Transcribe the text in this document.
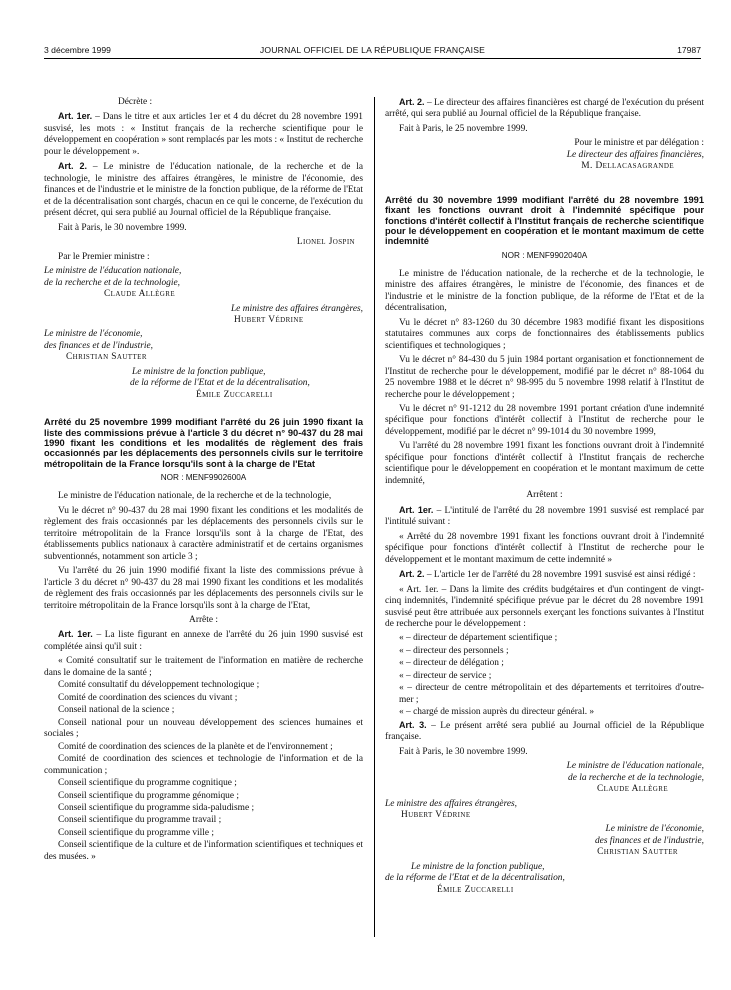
3 décembre 1999	JOURNAL OFFICIEL DE LA RÉPUBLIQUE FRANÇAISE	17987

Décrète :

Art. 1er. – Dans le titre et aux articles 1er et 4 du décret du 28 novembre 1991 susvisé, les mots : « Institut français de la recherche scientifique pour le développement en coopération » sont remplacés par les mots : « Institut de recherche pour le développement ».

Art. 2. – Le ministre de l'éducation nationale, de la recherche et de la technologie, le ministre des affaires étrangères, le ministre de l'économie, des finances et de l'industrie et le ministre de la fonction publique, de la réforme de l'Etat et de la décentralisation sont chargés, chacun en ce qui le concerne, de l'exécution du présent décret, qui sera publié au Journal officiel de la République française.

Fait à Paris, le 30 novembre 1999.

Lionel Jospin

Par le Premier ministre :

Le ministre de l'éducation nationale,

de la recherche et de la technologie,

Claude Allègre

Le ministre des affaires étrangères,

Hubert Védrine

Le ministre de l'économie,

des finances et de l'industrie,

Christian Sautter

Le ministre de la fonction publique,

de la réforme de l'Etat et de la décentralisation,

Émile Zuccarelli

Arrêté du 25 novembre 1999 modifiant l'arrêté du 26 juin 1990 fixant la liste des commissions prévue à l'article 3 du décret n° 90-437 du 28 mai 1990 fixant les conditions et les modalités de règlement des frais occasionnés par les déplacements des personnels civils sur le territoire métropolitain de la France lorsqu'ils sont à la charge de l'Etat

NOR : MENF9902600A

Le ministre de l'éducation nationale, de la recherche et de la technologie,

Vu le décret n° 90-437 du 28 mai 1990 fixant les conditions et les modalités de règlement des frais occasionnés par les déplacements des personnels civils sur le territoire métropolitain de la France lorsqu'ils sont à la charge de l'Etat, des établissements publics nationaux à caractère administratif et de certains organismes subventionnés, notamment son article 3 ;

Vu l'arrêté du 26 juin 1990 modifié fixant la liste des commissions prévue à l'article 3 du décret n° 90-437 du 28 mai 1990 fixant les conditions et les modalités de règlement des frais occasionnés par les déplacements des personnels civils sur le territoire métropolitain de la France lorsqu'ils sont à la charge de l'Etat,

Arrête :

Art. 1er. – La liste figurant en annexe de l'arrêté du 26 juin 1990 susvisé est complétée ainsi qu'il suit :

« Comité consultatif sur le traitement de l'information en matière de recherche dans le domaine de la santé ;

Comité consultatif du développement technologique ;

Comité de coordination des sciences du vivant ;

Conseil national de la science ;

Conseil national pour un nouveau développement des sciences humaines et sociales ;

Comité de coordination des sciences de la planète et de l'environnement ;

Comité de coordination des sciences et technologie de l'information et de la communication ;

Conseil scientifique du programme cognitique ;

Conseil scientifique du programme génomique ;

Conseil scientifique du programme sida-paludisme ;

Conseil scientifique du programme travail ;

Conseil scientifique du programme ville ;

Conseil scientifique de la culture et de l'information scientifiques et techniques et des musées. »

Art. 2. – Le directeur des affaires financières est chargé de l'exécution du présent arrêté, qui sera publié au Journal officiel de la République française.

Fait à Paris, le 25 novembre 1999.

Pour le ministre et par délégation :

Le directeur des affaires financières,

M. Dellacasagrande

Arrêté du 30 novembre 1999 modifiant l'arrêté du 28 novembre 1991 fixant les fonctions ouvrant droit à l'indemnité spécifique pour fonctions d'intérêt collectif à l'Institut français de recherche scientifique pour le développement en coopération et le montant maximum de cette indemnité

NOR : MENF9902040A

Le ministre de l'éducation nationale, de la recherche et de la technologie, le ministre des affaires étrangères, le ministre de l'économie, des finances et de l'industrie et le ministre de la fonction publique, de la réforme de l'Etat et de la décentralisation,

Vu le décret n° 83-1260 du 30 décembre 1983 modifié fixant les dispositions statutaires communes aux corps de fonctionnaires des établissements publics scientifiques et technologiques ;

Vu le décret n° 84-430 du 5 juin 1984 portant organisation et fonctionnement de l'Institut de recherche pour le développement, modifié par le décret n° 88-1064 du 25 novembre 1988 et le décret n° 98-995 du 5 novembre 1998 relatif à l'Institut de recherche pour le développement ;

Vu le décret n° 91-1212 du 28 novembre 1991 portant création d'une indemnité spécifique pour fonctions d'intérêt collectif à l'Institut de recherche pour le développement, modifié par le décret n° 99-1014 du 30 novembre 1999,

Vu l'arrêté du 28 novembre 1991 fixant les fonctions ouvrant droit à l'indemnité spécifique pour fonctions d'intérêt collectif à l'Institut français de recherche scientifique pour le développement en coopération et le montant maximum de cette indemnité,

Arrêtent :

Art. 1er. – L'intitulé de l'arrêté du 28 novembre 1991 susvisé est remplacé par l'intitulé suivant :

« Arrêté du 28 novembre 1991 fixant les fonctions ouvrant droit à l'indemnité spécifique pour fonctions d'intérêt collectif à l'Institut de recherche pour le développement et le montant maximum de cette indemnité »

Art. 2. – L'article 1er de l'arrêté du 28 novembre 1991 susvisé est ainsi rédigé :

« Art. 1er. – Dans la limite des crédits budgétaires et d'un contingent de vingt-cinq indemnités, l'indemnité spécifique prévue par le décret du 28 novembre 1991 susvisé peut être attribuée aux personnels exerçant les fonctions suivantes à l'Institut de recherche pour le développement :

« – directeur de département scientifique ;

« – directeur des personnels ;

« – directeur de délégation ;

« – directeur de service ;

« – directeur de centre métropolitain et des départements et territoires d'outre-mer ;

« – chargé de mission auprès du directeur général. »

Art. 3. – Le présent arrêté sera publié au Journal officiel de la République française.

Fait à Paris, le 30 novembre 1999.

Le ministre de l'éducation nationale,

de la recherche et de la technologie,

Claude Allègre

Le ministre des affaires étrangères,

Hubert Védrine

Le ministre de l'économie,

des finances et de l'industrie,

Christian Sautter

Le ministre de la fonction publique,

de la réforme de l'Etat et de la décentralisation,

Émile Zuccarelli
